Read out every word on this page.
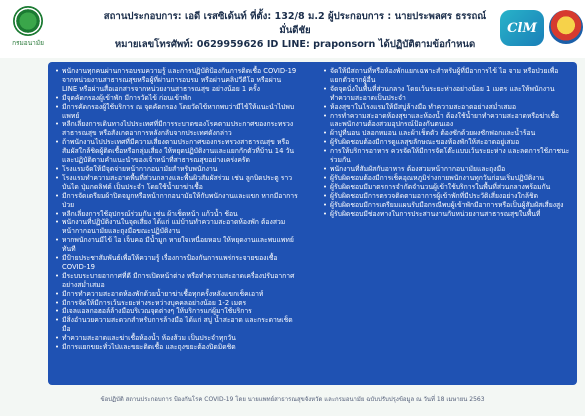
กรมอนามัย
สถานประกอบการ: เอดี เรสซิเด้นท์ ที่ตั้ง: 132/8 ม.2 ผู้ประกอบการ : นายประพลศร ธรรถณ์มั่นดีชัย
หมายเลขโทรศัพท์: 0629959626 ID LINE: praponsorn ได้ปฏิบัติตามข้อกำหนด
ClM
• พนักงานทุกคนผ่านการอบรมความรู้ และการปฏิบัติป้องกันการติดเชื้อ COVID-19 จากหน่วยงานสาธารณสุขหรือผู้ที่ผ่านการอบรม หรือผ่านคลิปวีดีโอ หรือผ่าน LINE หรือผ่านสื่อเอกสารจากหน่วยงานสาธารณสุข อย่างน้อย 1 ครั้ง
• มีจุดคัดกรองผู้เข้าพัก มีการวัดไข้ ก่อนเข้าพัก
• มีการคัดกรองผู้ใช้บริการ ณ จุดคัดกรอง โดยวัดไข้หากพบว่ามีไข้ให้แนะนำไปพบแพทย์
• หลีกเลี่ยงการเดินทางไปประเทศที่มีการระบาดของโรคตามประกาศของกระทรวงสาธารณสุข หรือสังเกตอาการหลังกลับจากประเทศดังกล่าว
• ถ้าพนักงานไปประเทศที่มีความเสี่ยงตามประกาศของกระทรวงสาธารณสุข หรือสัมผัสใกล้ชิดผู้ติดเชื้อหรือกลุ่มเสี่ยง ให้หยุดปฏิบัติงานและแยกกักตัวที่บ้าน 14 วัน และปฏิบัติตามคำแนะนำของเจ้าหน้าที่สาธารณสุขอย่างเคร่งครัด
• โรงแรมจัดให้มีจุดจ่ายหน้ากากอนามัยสำหรับพนักงาน
• โรงแรมทำความสะอาดพื้นที่ส่วนกลางและพื้นผิวสัมผัสร่วม เช่น ลูกบิดประตู ราวบันได ปุ่มกดลิฟต์ เป็นประจำ โดยใช้น้ำยาฆ่าเชื้อ
• มีการจัดเตรียมผ้าปิดจมูกหรือหน้ากากอนามัยให้กับพนักงานและแขก หากมีอาการป่วย
• หลีกเลี่ยงการใช้อุปกรณ์ร่วมกัน เช่น ผ้าเช็ดหน้า แก้วน้ำ ช้อน
• พนักงานที่ปฏิบัติงานในจุดเสี่ยง ได้แก่ แม่บ้านทำความสะอาดห้องพัก ต้องสวมหน้ากากอนามัยและถุงมือขณะปฏิบัติงาน
• หากพนักงานมีไข้ ไอ เจ็บคอ มีน้ำมูก หายใจเหนื่อยหอบ ให้หยุดงานและพบแพทย์ทันที
• มีป้ายประชาสัมพันธ์เพื่อให้ความรู้ เรื่องการป้องกันการแพร่กระจายของเชื้อ COVID-19
• มีระบบระบายอากาศที่ดี มีการเปิดหน้าต่าง หรือทำความสะอาดเครื่องปรับอากาศอย่างสม่ำเสมอ
• มีการทำความสะอาดห้องพักด้วยน้ำยาฆ่าเชื้อทุกครั้งหลังแขกเช็คเอาท์
• มีการจัดให้มีการเว้นระยะห่างระหว่างบุคคลอย่างน้อย 1-2 เมตร
• มีเจลแอลกอฮอล์ล้างมือบริเวณจุดต่างๆ ให้บริการแก่ผู้มาใช้บริการ
• มีสิ่งอำนวยความสะดวกสำหรับการล้างมือ ได้แก่ สบู่ น้ำสะอาด และกระดาษเช็ดมือ
• ทำความสะอาดและฆ่าเชื้อห้องน้ำ ห้องส้วม เป็นประจำทุกวัน
• มีการแยกขยะทั่วไปและขยะติดเชื้อ และถุงขยะต้องปิดมิดชิด
• จัดให้มีสถานที่หรือห้องพักแยกเฉพาะสำหรับผู้ที่มีอาการไข้ ไอ จาม หรือป่วยเพื่อแยกตัวจากผู้อื่น
• จัดจุดนั่งในพื้นที่ส่วนกลาง โดยเว้นระยะห่างอย่างน้อย 1 เมตร และให้พนักงานทำความสะอาดเป็นประจำ
• ห้องสุขาในโรงแรมให้มีสบู่ล้างมือ ทำความสะอาดอย่างสม่ำเสมอ
• การทำความสะอาดห้องสุขาและห้องน้ำ ต้องใช้น้ำยาทำความสะอาดหรือฆ่าเชื้อ และพนักงานต้องสวมอุปกรณ์ป้องกันตนเอง
• ผ้าปูที่นอน ปลอกหมอน และผ้าเช็ดตัว ต้องซักด้วยผงซักฟอกและน้ำร้อน
• ผู้รับผิดชอบต้องมีการดูแลสุขลักษณะของห้องพักให้สะอาดอยู่เสมอ
• การให้บริการอาหาร ควรจัดให้มีการจัดโต๊ะแบบเว้นระยะห่าง และลดการใช้ภาชนะร่วมกัน
• พนักงานที่สัมผัสกับอาหาร ต้องสวมหน้ากากอนามัยและถุงมือ
• ผู้รับผิดชอบต้องมีการเช็คอุณหภูมิร่างกายพนักงานทุกวันก่อนเริ่มปฏิบัติงาน
• ผู้รับผิดชอบมีมาตรการจำกัดจำนวนผู้เข้าใช้บริการในพื้นที่ส่วนกลางพร้อมกัน
• ผู้รับผิดชอบมีการตรวจติดตามอาการผู้เข้าพักที่มีประวัติเสี่ยงอย่างใกล้ชิด
• ผู้รับผิดชอบมีการเตรียมแผนรับมือกรณีพบผู้เข้าพักมีอาการหรือเป็นผู้สัมผัสเสี่ยงสูง
• ผู้รับผิดชอบมีช่องทางในการประสานงานกับหน่วยงานสาธารณสุขในพื้นที่
ข้อปฏิบัติ สถานประกอบการ ป้องกันโรค COVID-19 โดย นายแพทย์สาธารณสุขจังหวัด และกรมอนามัย ฉบับปรับปรุงข้อมูล ณ วันที่ 18 เมษายน 2563
